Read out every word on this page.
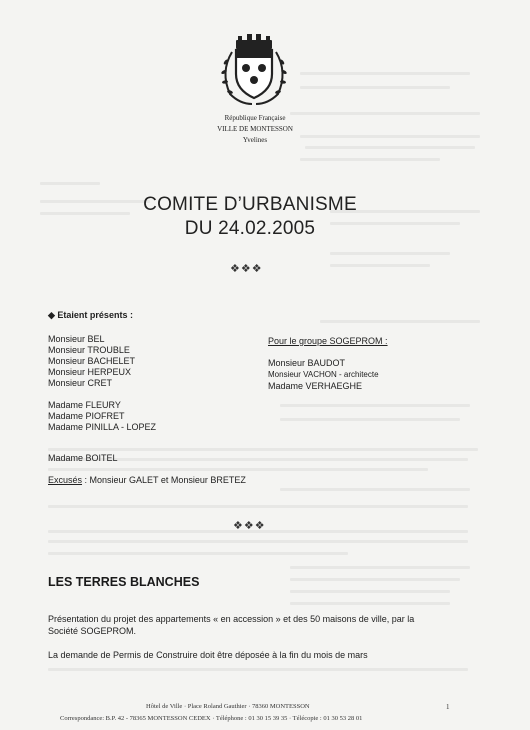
République Française
VILLE DE MONTESSON
Yvelines
COMITE D’URBANISME
DU 24.02.2005
❖❖❖
◆ Etaient présents :
Monsieur BEL
Monsieur TROUBLE
Monsieur BACHELET
Monsieur HERPEUX
Monsieur CRET
Madame FLEURY
Madame PIOFRET
Madame PINILLA - LOPEZ
Madame BOITEL
Pour le groupe SOGEPROM :
Monsieur BAUDOT
Monsieur VACHON - architecte
Madame VERHAEGHE
Excusés : Monsieur GALET et Monsieur BRETEZ
❖❖❖
LES TERRES BLANCHES
Présentation du projet des appartements « en accession » et des 50 maisons de ville, par la
Société SOGEPROM.
La demande de Permis de Construire doit être déposée à la fin du mois de mars
Hôtel de Ville · Place Roland Gauthier · 78360 MONTESSON	1
Correspondance: B.P. 42 - 78365 MONTESSON CEDEX · Téléphone : 01 30 15 39 35 · Télécopie : 01 30 53 28 01
